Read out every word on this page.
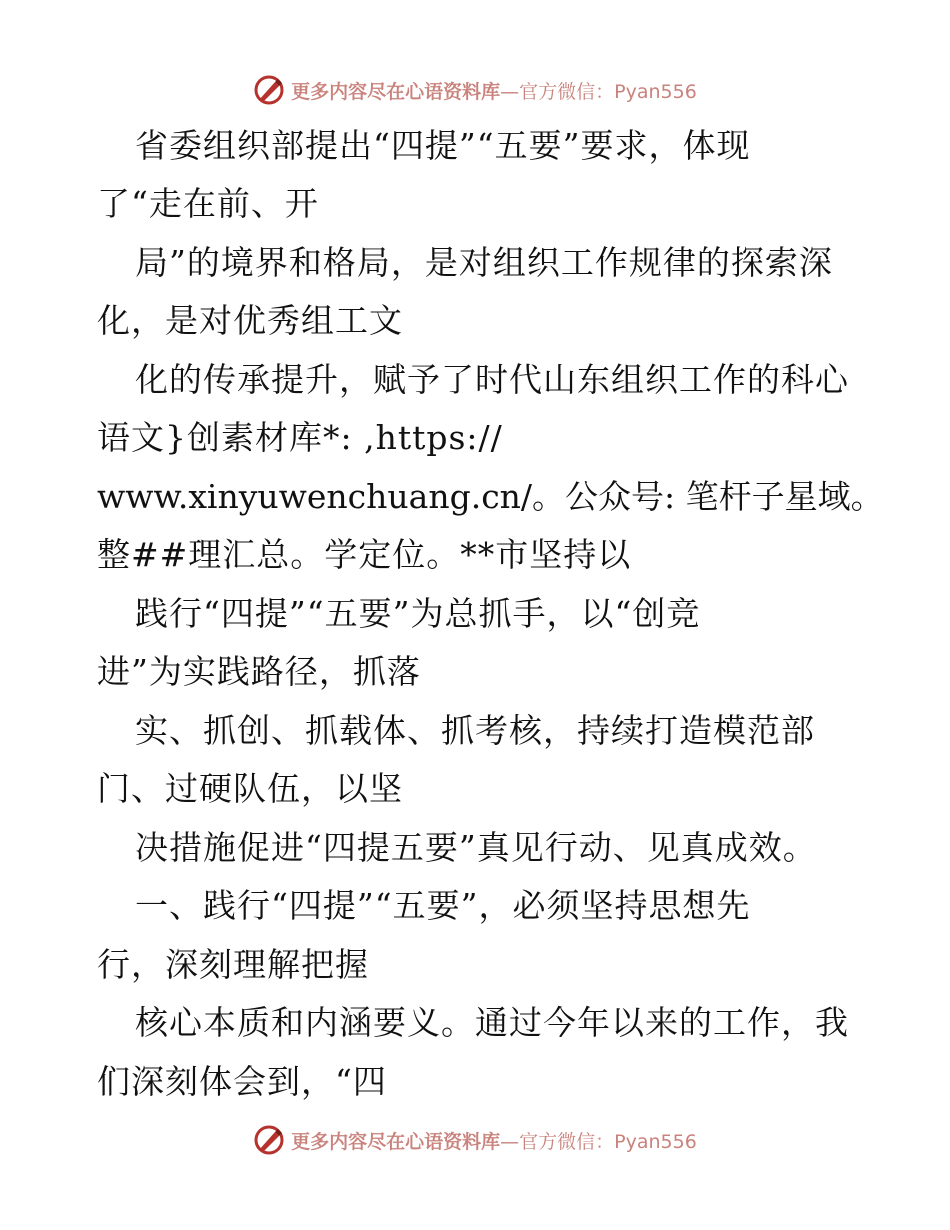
更多内容尽在心语资料库—官方微信：Pyan556
省委组织部提出“四提”“五要”要求，体现
了“走在前、开
局”的境界和格局，是对组织工作规律的探索深
化，是对优秀组工文
化的传承提升，赋予了时代山东组织工作的科心
语文}创素材库*: ,https://
www.xinyuwenchuang.cn/。公众号: 笔杆子星域。
整##理汇总。学定位。**市坚持以
践行“四提”“五要”为总抓手，以“创竞
进”为实践路径，抓落
实、抓创、抓载体、抓考核，持续打造模范部
门、过硬队伍，以坚
决措施促进“四提五要”真见行动、见真成效。
一、践行“四提”“五要”，必须坚持思想先
行，深刻理解把握
核心本质和内涵要义。通过今年以来的工作，我
们深刻体会到，“四
更多内容尽在心语资料库—官方微信：Pyan556
